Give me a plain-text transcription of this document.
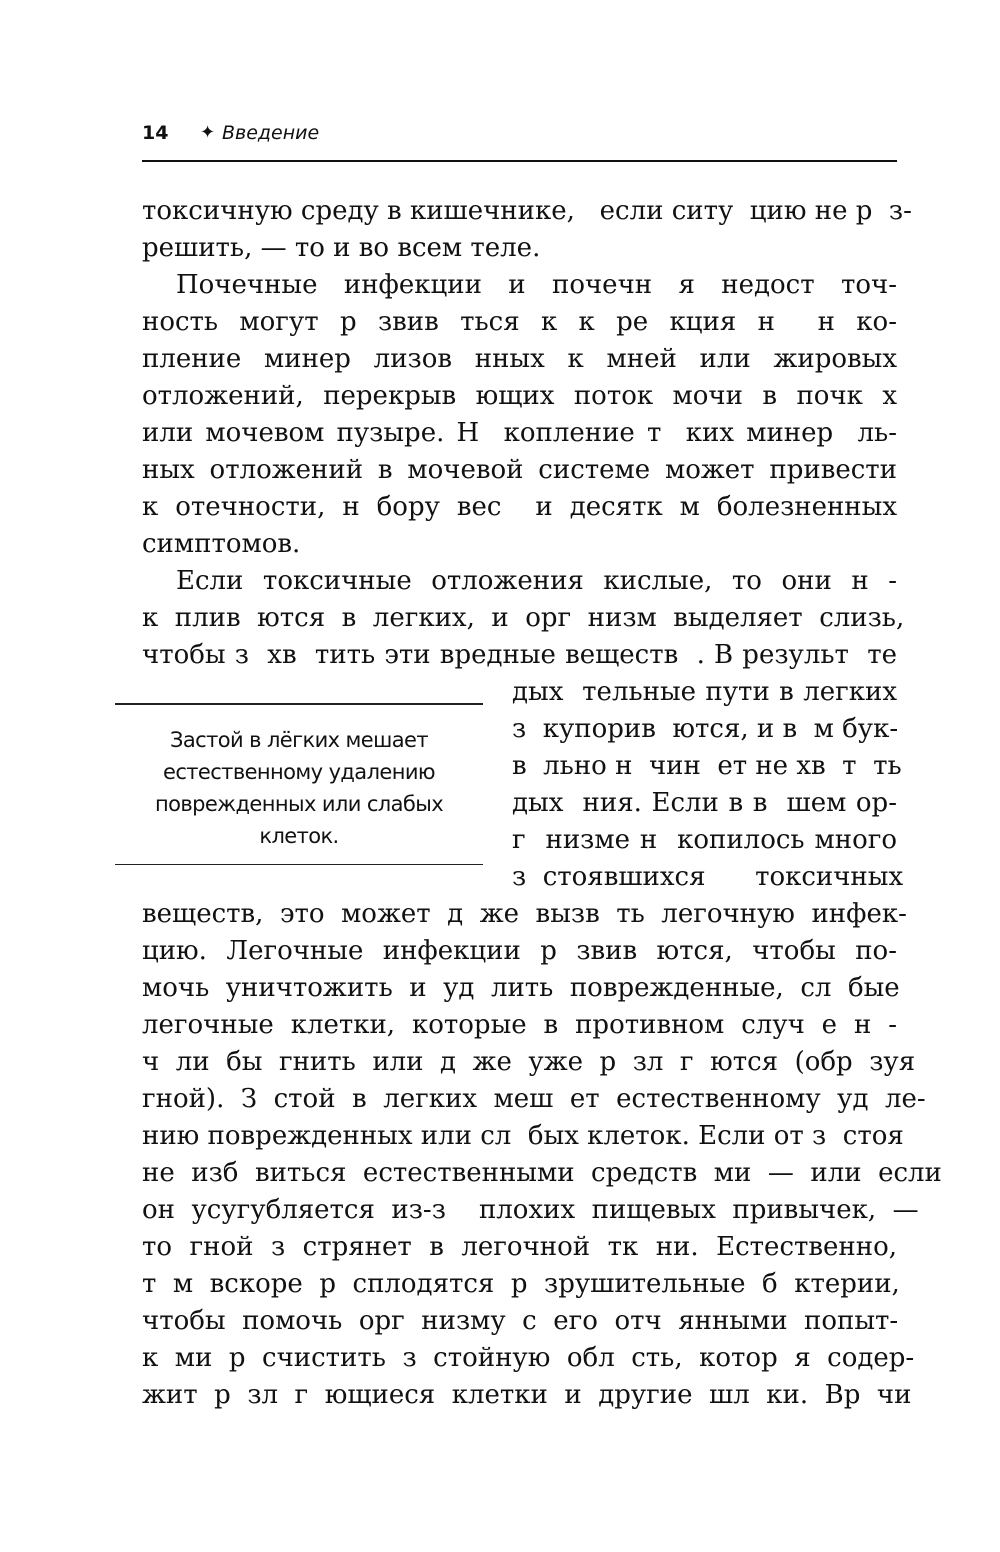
14 ✦ Введение
токсичную среду в кишечнике,   если ситу  цию не р  з-
решить, — то и во всем теле.
Почечные  инфекции  и  почечн  я  недост  точ-
ность  могут  р  звив  ться  к  к  ре  кция  н    н  ко-
пление  минер  лизов  нных  к  мней  или  жировых
отложений, перекрыв ющих поток мочи в почк х
или мочевом пузыре. Н  копление т  ких минер  ль-
ных отложений в мочевой системе может привести
к  отечности,  н  бору  вес    и  десятк  м  болезненных
симптомов.
Если  токсичные  отложения  кислые,  то  они  н  -
к  плив  ются  в  легких,  и  орг  низм  выделяет  слизь,
чтобы з  хв  тить эти вредные веществ  . В результ  те
Застой в лёгких мешает естественному удалению поврежденных или слабых клеток.
дых  тельные пути в легких
з  купорив  ются, и в  м бук-
в  льно н  чин  ет не хв  т  ть
дых  ния. Если в в  шем ор-
г  низме н  копилось много
з  стоявшихся      токсичных
веществ,  это  может  д  же  вызв  ть  легочную  инфек-
цию.  Легочные  инфекции  р  звив  ются,  чтобы  по-
мочь  уничтожить  и  уд  лить  поврежденные,  сл  бые
легочные  клетки,  которые  в  противном  случ  е  н  -
ч  ли  бы  гнить  или  д  же  уже  р  зл  г  ются  (обр  зуя
гной).  З  стой  в  легких  меш  ет  естественному  уд  ле-
нию поврежденных или сл  бых клеток. Если от з  стоя
не  изб  виться  естественными  средств  ми  —  или  если
он  усугубляется  из-з    плохих  пищевых  привычек,  —
то  гной  з  стрянет  в  легочной  тк  ни.  Естественно,
т  м  вскоре  р  сплодятся  р  зрушительные  б  ктерии,
чтобы  помочь  орг  низму  с  его  отч  янными  попыт-
к  ми  р  счистить  з  стойную  обл  сть,  котор  я  содер-
жит  р  зл  г  ющиеся  клетки  и  другие  шл  ки.  Вр  чи
